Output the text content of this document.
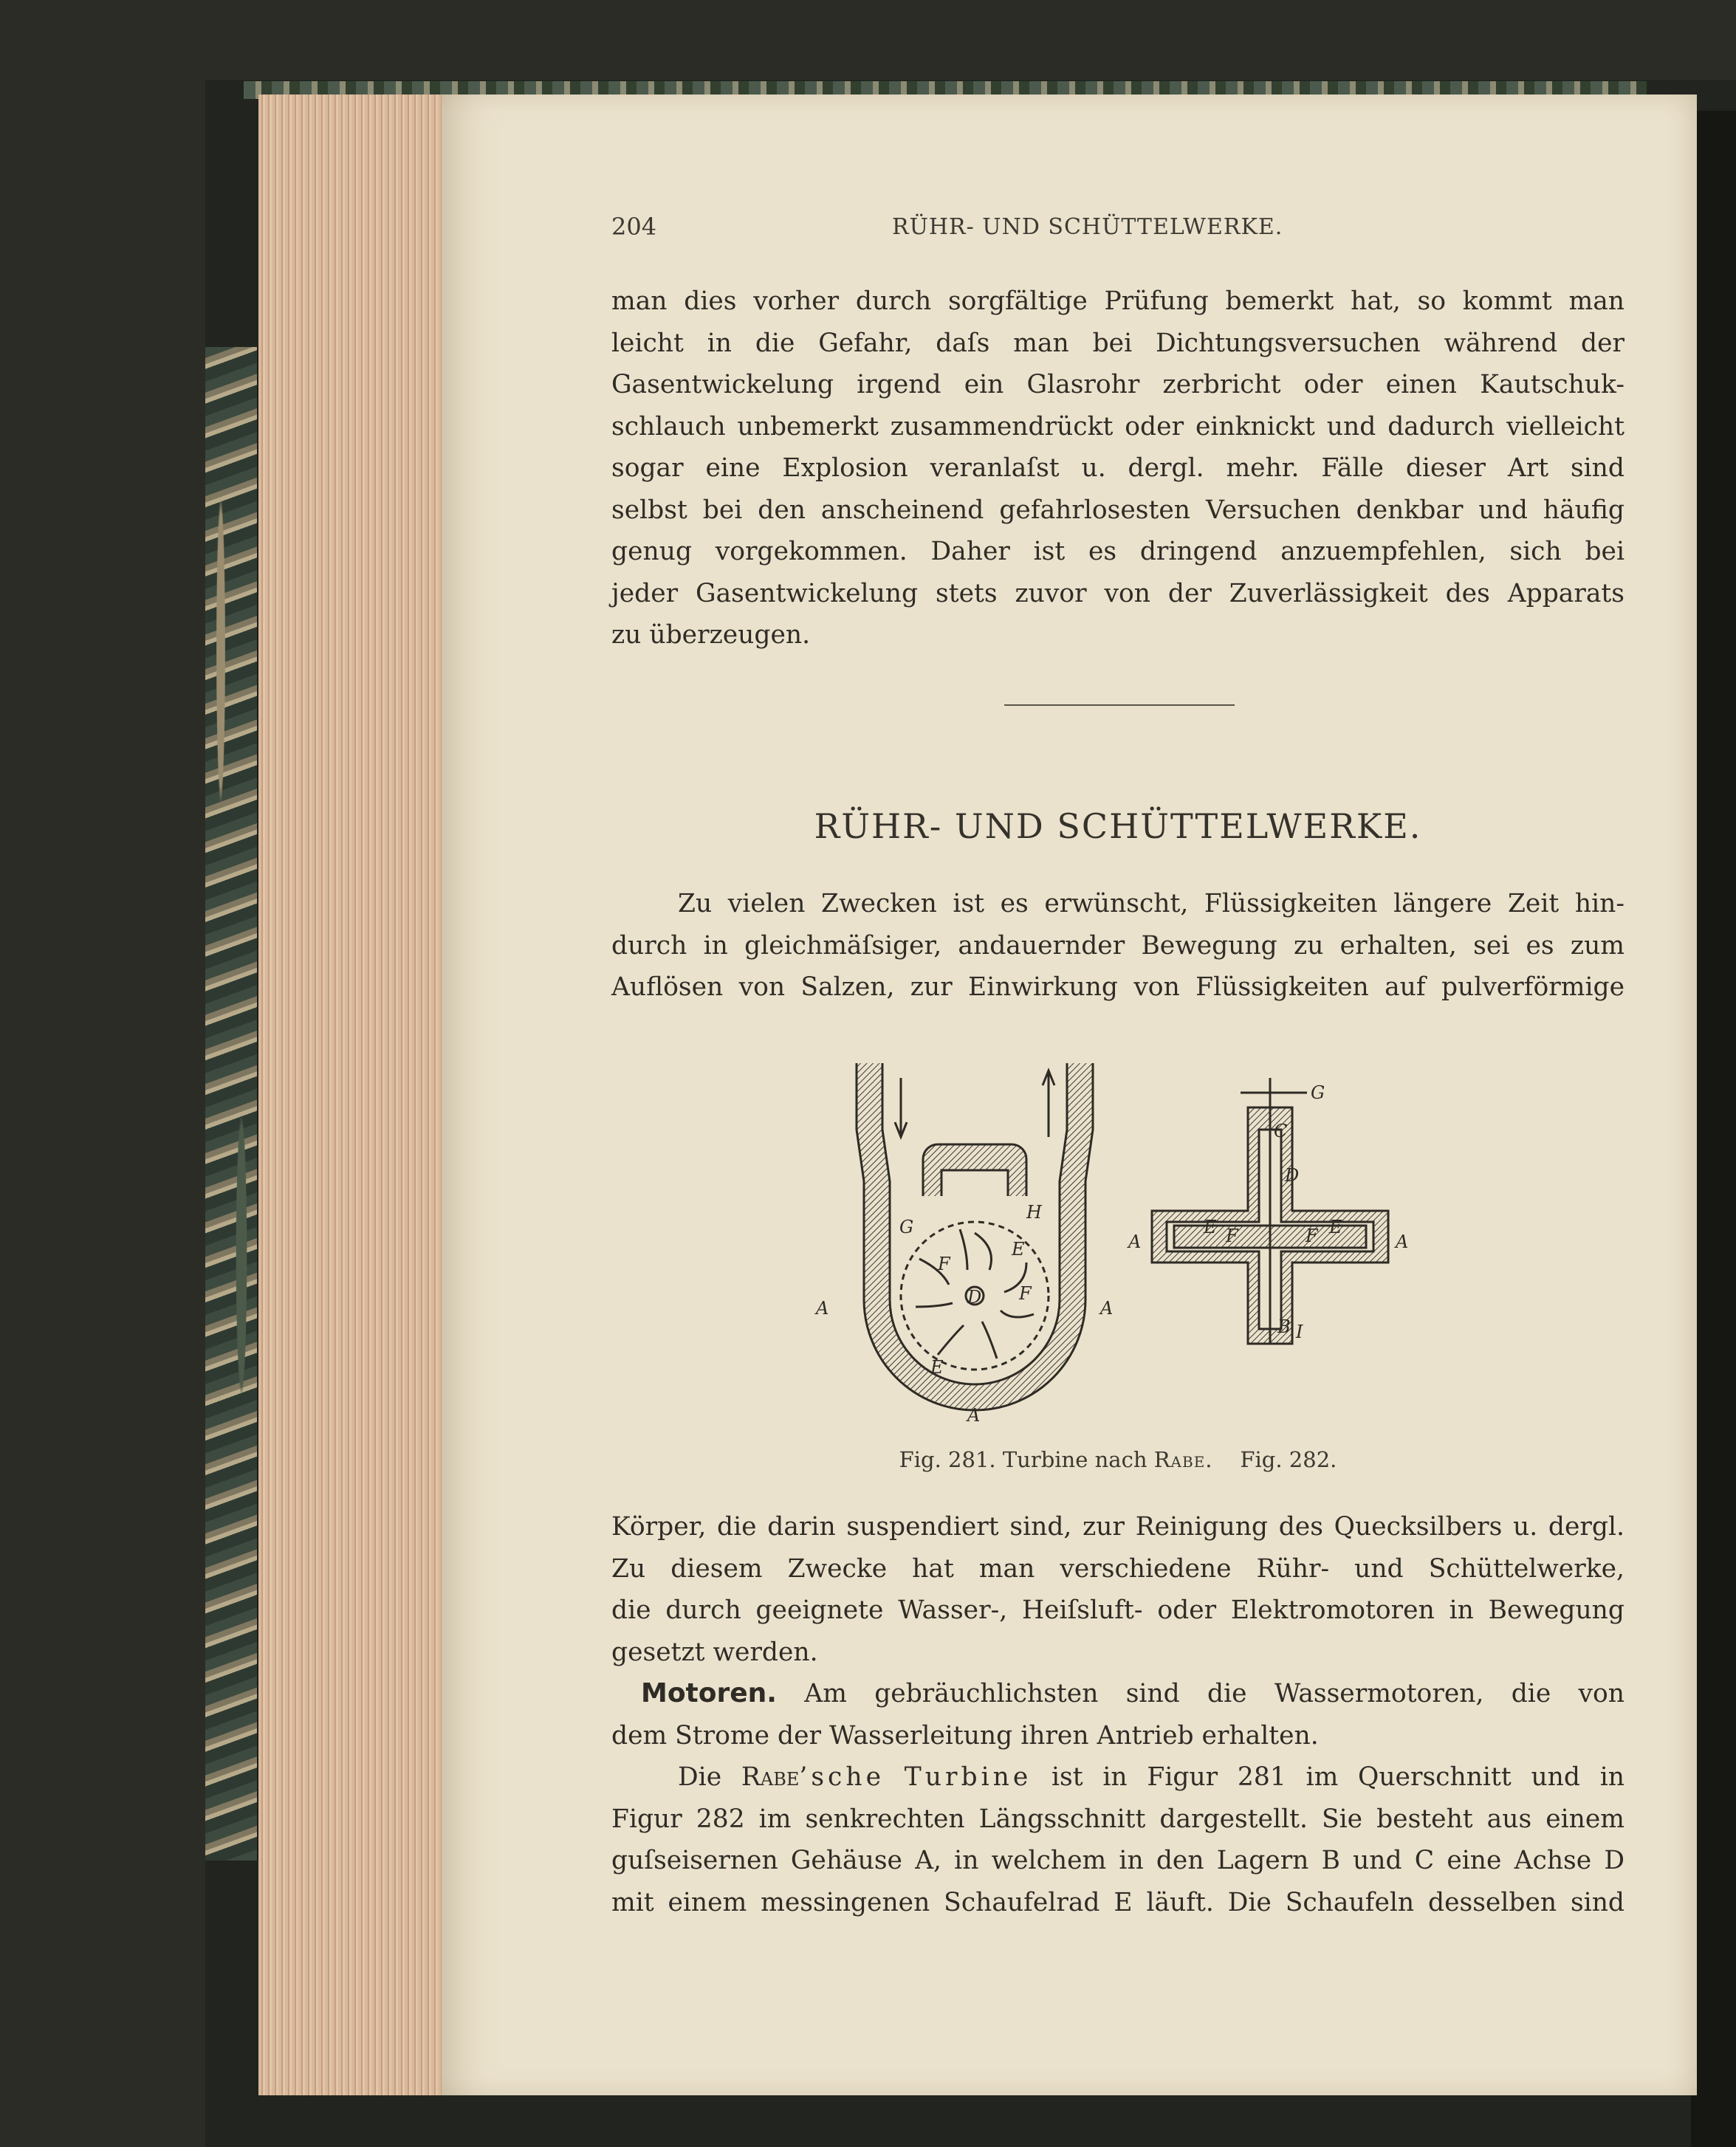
204	RÜHR- UND SCHÜTTELWERKE.
man dies vorher durch sorgfältige Prüfung bemerkt hat, so kommt man
leicht in die Gefahr, daſs man bei Dichtungsversuchen während der
Gasentwickelung irgend ein Glasrohr zerbricht oder einen Kautschuk-
schlauch unbemerkt zusammendrückt oder einknickt und dadurch vielleicht
sogar eine Explosion veranlaſst u. dergl. mehr. Fälle dieser Art sind
selbst bei den anscheinend gefahrlosesten Versuchen denkbar und häufig
genug vorgekommen. Daher ist es dringend anzuempfehlen, sich bei
jeder Gasentwickelung stets zuvor von der Zuverlässigkeit des Apparats
zu überzeugen.
RÜHR- UND SCHÜTTELWERKE.
Zu vielen Zwecken ist es erwünscht, Flüssigkeiten längere Zeit hin-
durch in gleichmäſsiger, andauernder Bewegung zu erhalten, sei es zum
Auflösen von Salzen, zur Einwirkung von Flüssigkeiten auf pulverförmige
G
H
A	A
A
D
E
E
F
F
G
C
D
A	A
E F	E
F
B I
Fig. 281. Turbine nach Rabe. Fig. 282.
Körper, die darin suspendiert sind, zur Reinigung des Quecksilbers u. dergl.
Zu diesem Zwecke hat man verschiedene Rühr- und Schüttelwerke,
die durch geeignete Wasser-, Heiſsluft- oder Elektromotoren in Bewegung
gesetzt werden.
Motoren. Am gebräuchlichsten sind die Wassermotoren, die von
dem Strome der Wasserleitung ihren Antrieb erhalten.
Die Rabe’sche Turbine ist in Figur 281 im Querschnitt und in
Figur 282 im senkrechten Längsschnitt dargestellt. Sie besteht aus einem
guſseisernen Gehäuse A, in welchem in den Lagern B und C eine Achse D
mit einem messingenen Schaufelrad E läuft. Die Schaufeln desselben sind
